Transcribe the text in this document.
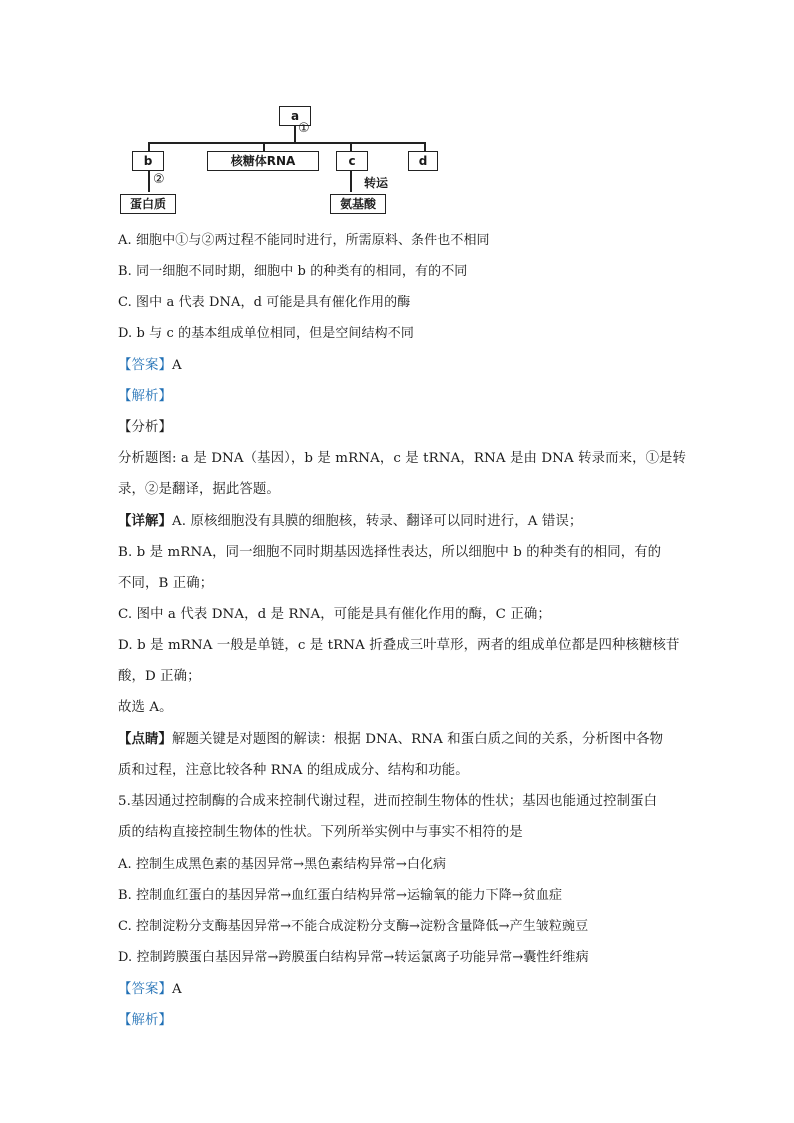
a
①
b	核糖体RNA	c	d
②	转运
蛋白质	氨基酸
A. 细胞中①与②两过程不能同时进行，所需原料、条件也不相同
B. 同一细胞不同时期，细胞中 b 的种类有的相同，有的不同
C. 图中 a 代表 DNA，d 可能是具有催化作用的酶
D. b 与 c 的基本组成单位相同，但是空间结构不同
【答案】A
【解析】
【分析】
分析题图: a 是 DNA（基因），b 是 mRNA，c 是 tRNA，RNA 是由 DNA 转录而来，①是转
录，②是翻译，据此答题。
【详解】A. 原核细胞没有具膜的细胞核，转录、翻译可以同时进行，A 错误；
B. b 是 mRNA，同一细胞不同时期基因选择性表达，所以细胞中 b 的种类有的相同，有的
不同，B 正确；
C. 图中 a 代表 DNA，d 是 RNA，可能是具有催化作用的酶，C 正确；
D. b 是 mRNA 一般是单链，c 是 tRNA 折叠成三叶草形，两者的组成单位都是四种核糖核苷
酸，D 正确；
故选 A。
【点睛】解题关键是对题图的解读：根据 DNA、RNA 和蛋白质之间的关系，分析图中各物
质和过程，注意比较各种 RNA 的组成成分、结构和功能。
5.基因通过控制酶的合成来控制代谢过程，进而控制生物体的性状；基因也能通过控制蛋白
质的结构直接控制生物体的性状。下列所举实例中与事实不相符的是
A. 控制生成黑色素的基因异常→黑色素结构异常→白化病
B. 控制血红蛋白的基因异常→血红蛋白结构异常→运输氧的能力下降→贫血症
C. 控制淀粉分支酶基因异常→不能合成淀粉分支酶→淀粉含量降低→产生皱粒豌豆
D. 控制跨膜蛋白基因异常→跨膜蛋白结构异常→转运氯离子功能异常→囊性纤维病
【答案】A
【解析】
